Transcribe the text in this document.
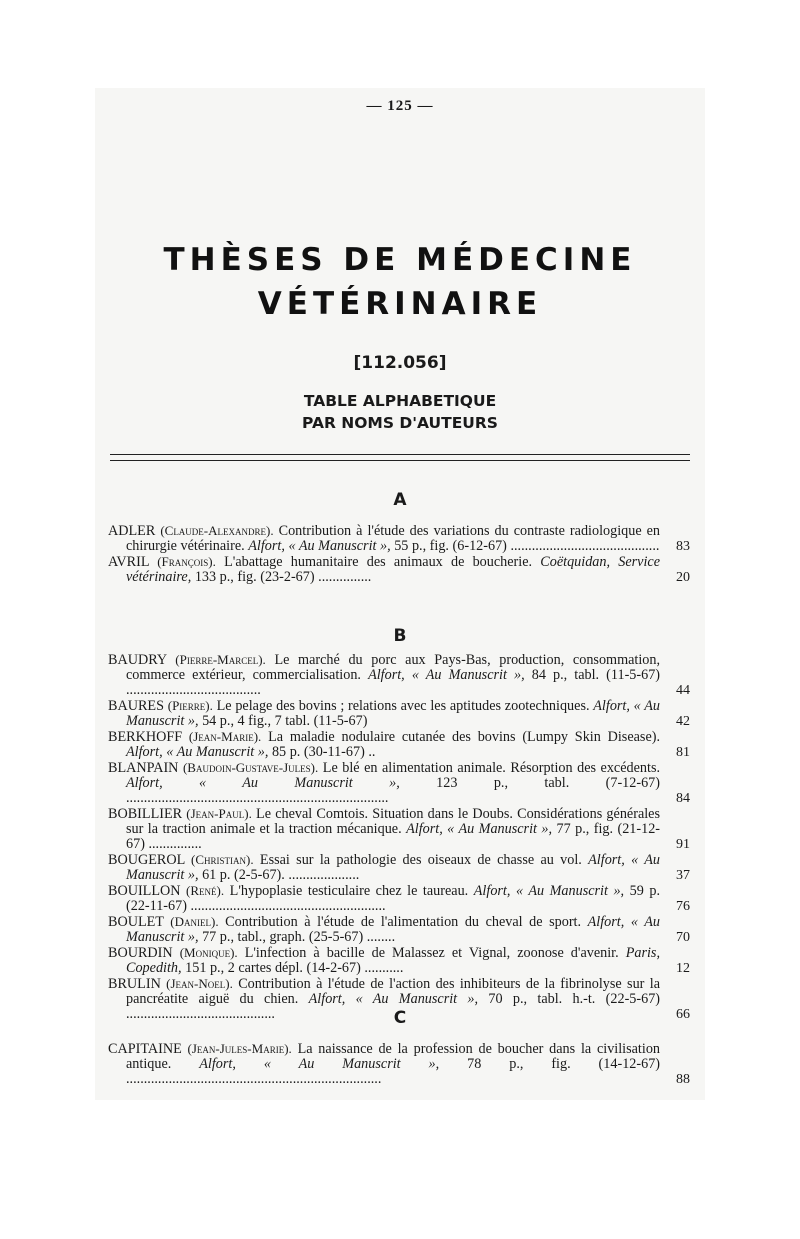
— 125 —
THÈSES DE MÉDECINE
VÉTÉRINAIRE
[112.056]
TABLE ALPHABETIQUE
PAR NOMS D'AUTEURS
A
ADLER (Claude-Alexandre). Contribution à l'étude des variations du contraste radiologique en chirurgie vétérinaire. Alfort, « Au Manuscrit », 55 p., fig. (6-12-67) .......................................... 83
AVRIL (François). L'abattage humanitaire des animaux de boucherie. Coëtquidan, Service vétérinaire, 133 p., fig. (23-2-67) ...............	20
B
BAUDRY (Pierre-Marcel). Le marché du porc aux Pays-Bas, production, consommation, commerce extérieur, commercialisation. Alfort, « Au Manuscrit », 84 p., tabl. (11-5-67) ......................................	44
BAURES (Pierre). Le pelage des bovins ; relations avec les aptitudes zootechniques. Alfort, « Au Manuscrit », 54 p., 4 fig., 7 tabl. (11-5-67)	42
BERKHOFF (Jean-Marie). La maladie nodulaire cutanée des bovins (Lumpy Skin Disease). Alfort, « Au Manuscrit », 85 p. (30-11-67) ..	81
BLANPAIN (Baudoin-Gustave-Jules). Le blé en alimentation animale. Résorption des excédents. Alfort, « Au Manuscrit »,	123 p., tabl. (7-12-67) ..........................................................................	84
BOBILLIER (Jean-Paul). Le cheval Comtois. Situation dans le Doubs. Considérations générales sur la traction animale et la traction mécanique. Alfort, « Au Manuscrit », 77 p., fig. (21-12-67) ...............	91
BOUGEROL (Christian). Essai sur la pathologie des oiseaux de chasse au vol. Alfort, « Au Manuscrit », 61 p. (2-5-67). ....................	37
BOUILLON (René). L'hypoplasie testiculaire chez le taureau. Alfort, « Au Manuscrit », 59 p. (22-11-67) .......................................................	76
BOULET (Daniel). Contribution à l'étude de l'alimentation du cheval de sport. Alfort, « Au Manuscrit », 77 p., tabl., graph. (25-5-67) ........	70
BOURDIN (Monique). L'infection à bacille de Malassez et Vignal, zoonose d'avenir. Paris, Copedith, 151 p., 2 cartes dépl. (14-2-67) ...........	12
BRULIN (Jean-Noel). Contribution à l'étude de l'action des inhibiteurs de la fibrinolyse sur la pancréatite aiguë du chien. Alfort, « Au Manuscrit », 70 p., tabl. h.-t. (22-5-67) ..........................................	66
C
CAPITAINE (Jean-Jules-Marie). La naissance de la profession de boucher dans la civilisation antique. Alfort, « Au Manuscrit », 78 p., fig. (14-12-67) ........................................................................	88
